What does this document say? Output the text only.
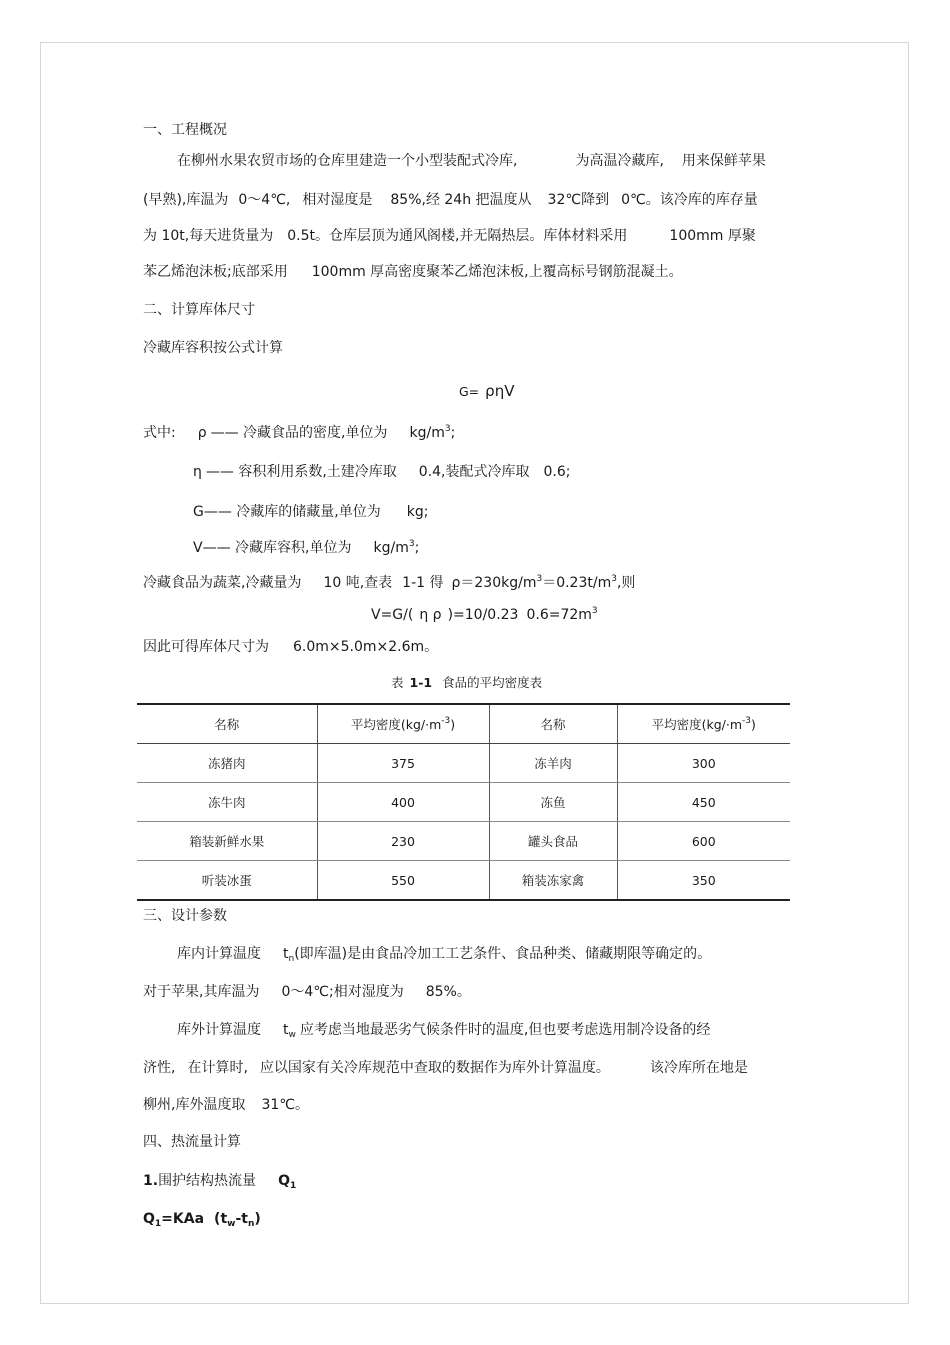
一、工程概况
在柳州水果农贸市场的仓库里建造一个小型装配式冷库,	为高温冷藏库, 用来保鲜苹果
(早熟),库温为 0～4℃, 相对湿度是 85%,经 24h 把温度从 32℃降到 0℃。该冷库的库存量
为 10t,每天进货量为 0.5t。仓库层顶为通风阁楼,并无隔热层。库体材料采用	100mm 厚聚
苯乙烯泡沫板;底部采用 100mm 厚高密度聚苯乙烯泡沫板,上覆高标号钢筋混凝土。
二、计算库体尺寸
冷藏库容积按公式计算
G= ρηV
式中: ρ —— 冷藏食品的密度,单位为 $kg/m^3$;
η —— 容积利用系数,土建冷库取 0.4,装配式冷库取 0.6;
G—— 冷藏库的储藏量,单位为 kg;
V—— 冷藏库容积,单位为 $kg/m^3$;
冷藏食品为蔬菜,冷藏量为 10 吨,查表 1-1 得 $\rho=230kg/m^3=0.23t/m^3$,则
V=G/( η ρ )=10/0.23 $0.6=72m^3$
因此可得库体尺寸为 6.0m×5.0m×2.6m。
表 1-1 食品的平均密度表
名称	平均密度$(kg/\cdot m^{-3})$	名称	平均密度$(kg/\cdot m^{-3})$
冻猪肉	375	冻羊肉	300
冻牛肉	400	冻鱼	450
箱装新鲜水果	230	罐头食品	600
听装冰蛋	550	箱装冻家禽	350
三、设计参数
库内计算温度 $t_n$(即库温)是由食品冷加工工艺条件、食品种类、储藏期限等确定的。
对于苹果,其库温为 0～4℃;相对湿度为 85%。
库外计算温度 $t_w$ 应考虑当地最恶劣气候条件时的温度,但也要考虑选用制冷设备的经
济性, 在计算时, 应以国家有关冷库规范中查取的数据作为库外计算温度。	该冷库所在地是
柳州,库外温度取 31℃。
四、热流量计算
1.围护结构热流量 $Q_1$
$Q_1=KAa$ $(t_w-t_n)$
